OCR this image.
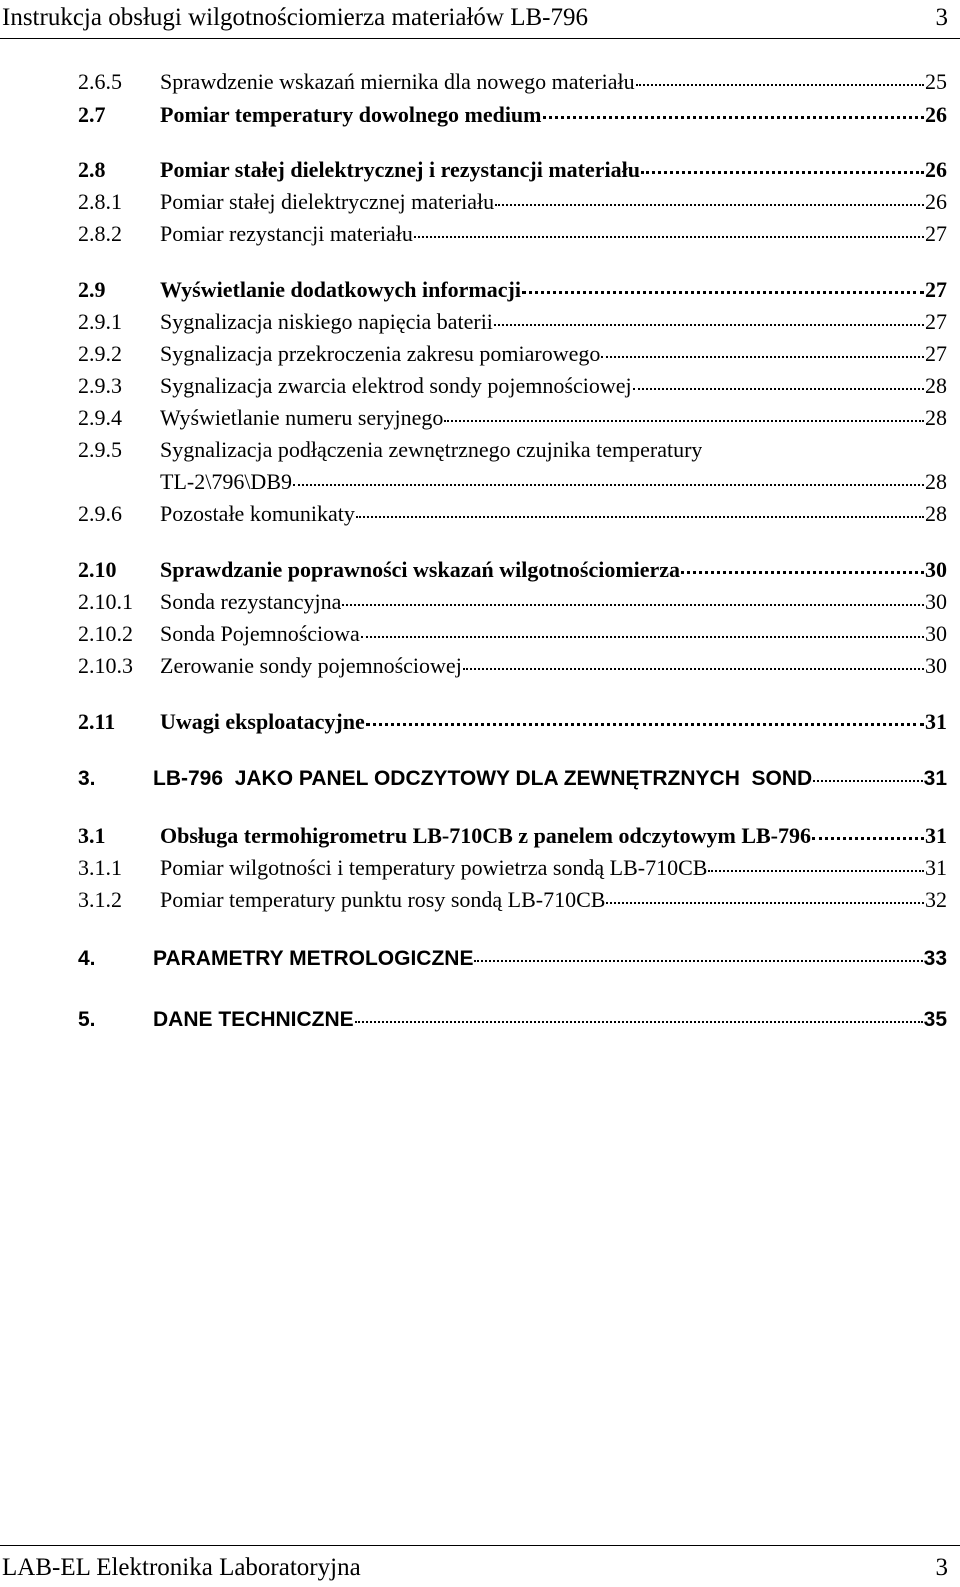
Instrukcja obsługi wilgotnościomierza materiałów LB-796	3
2.6.5	Sprawdzenie wskazań miernika dla nowego materiału	25
2.7	Pomiar temperatury dowolnego medium	26
2.8	Pomiar stałej dielektrycznej i rezystancji materiału	26
2.8.1	Pomiar stałej dielektrycznej materiału	26
2.8.2	Pomiar rezystancji materiału	27
2.9	Wyświetlanie dodatkowych informacji	27
2.9.1	Sygnalizacja niskiego napięcia baterii	27
2.9.2	Sygnalizacja przekroczenia zakresu pomiarowego	27
2.9.3	Sygnalizacja zwarcia elektrod sondy pojemnościowej	28
2.9.4	Wyświetlanie numeru seryjnego	28
2.9.5	Sygnalizacja podłączenia zewnętrznego czujnika temperatury
TL-2\796\DB9	28
2.9.6	Pozostałe komunikaty	28
2.10	Sprawdzanie poprawności wskazań wilgotnościomierza	30
2.10.1	Sonda rezystancyjna	30
2.10.2	Sonda Pojemnościowa	30
2.10.3	Zerowanie sondy pojemnościowej	30
2.11	Uwagi eksploatacyjne	31
3.	LB-796  JAKO PANEL ODCZYTOWY DLA ZEWNĘTRZNYCH  SOND	31
3.1	Obsługa termohigrometru LB-710CB z panelem odczytowym LB-796	31
3.1.1	Pomiar wilgotności i temperatury powietrza sondą LB-710CB	31
3.1.2	Pomiar temperatury punktu rosy sondą LB-710CB	32
4.	PARAMETRY METROLOGICZNE	33
5.	DANE TECHNICZNE	35
LAB-EL Elektronika Laboratoryjna	3
